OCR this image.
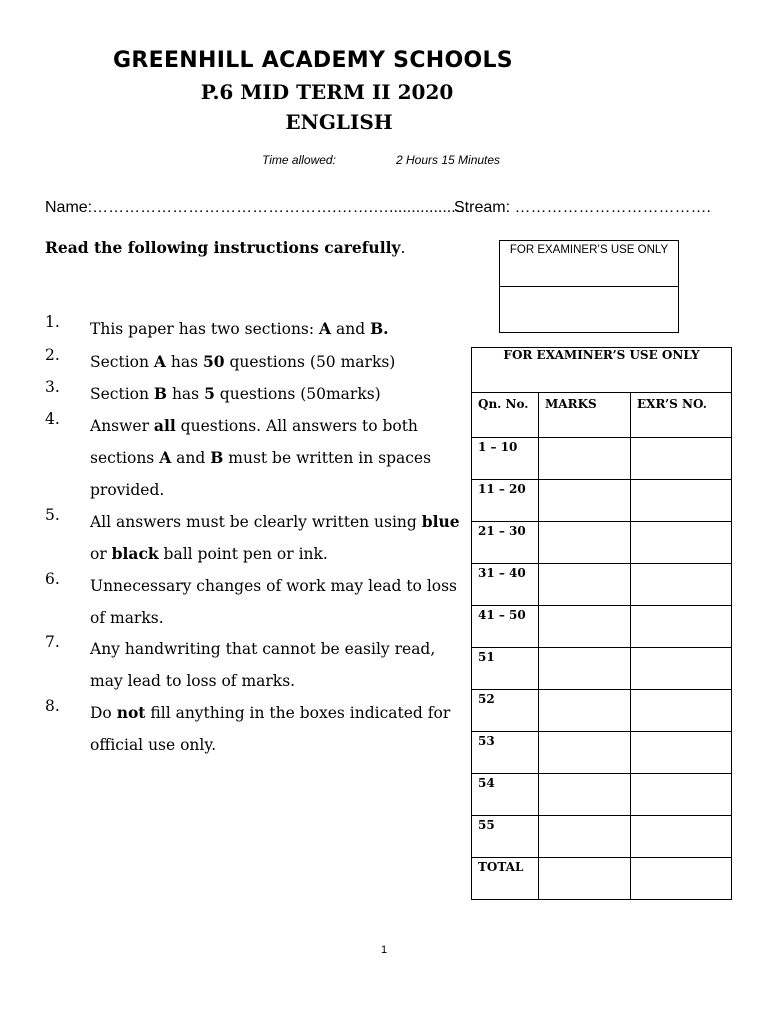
GREENHILL ACADEMY SCHOOLS
P.6 MID TERM II 2020
ENGLISH
Time allowed:	2 Hours 15 Minutes
Name:……………………………………….…….….................
Stream: ……………………………….
Read the following instructions carefully.
1.	This paper has two sections: A and B.
2.	Section A has 50 questions (50 marks)
3.	Section B has 5 questions (50marks)
4.	Answer all questions. All answers to both sections A and B must be written in spaces provided.
5.	All answers must be clearly written using blue or black ball point pen or ink.
6.	Unnecessary changes of work may lead to loss of marks.
7.	Any handwriting that cannot be easily read, may lead to loss of marks.
8.	Do not fill anything in the boxes indicated for official use only.
FOR EXAMINER’S USE ONLY
FOR EXAMINER’S USE ONLY		
Qn. No.	MARKS	EXR’S NO.
1 – 10		
11 – 20		
21 – 30		
31 – 40		
41 – 50		
51		
52		
53		
54		
55		
TOTAL		
1
